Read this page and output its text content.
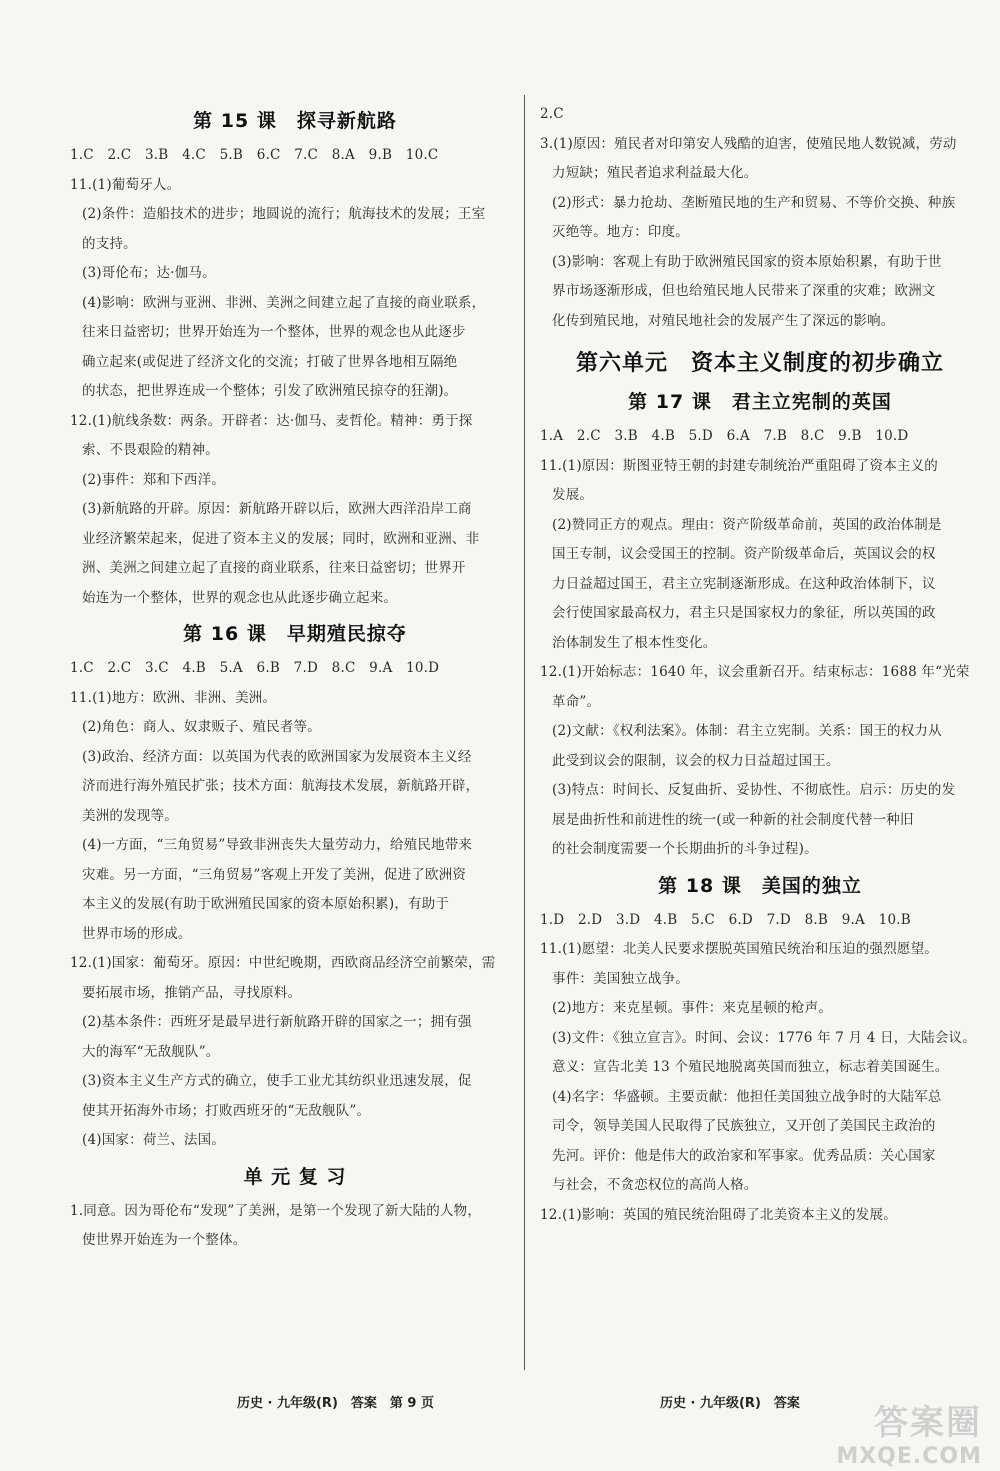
第 15 课　探寻新航路
1.C　2.C　3.B　4.C　5.B　6.C　7.C　8.A　9.B　10.C
11.(1)葡萄牙人。
(2)条件：造船技术的进步；地圆说的流行；航海技术的发展；王室
的支持。
(3)哥伦布；达·伽马。
(4)影响：欧洲与亚洲、非洲、美洲之间建立起了直接的商业联系，
往来日益密切；世界开始连为一个整体，世界的观念也从此逐步
确立起来(或促进了经济文化的交流；打破了世界各地相互隔绝
的状态，把世界连成一个整体；引发了欧洲殖民掠夺的狂潮)。
12.(1)航线条数：两条。开辟者：达·伽马、麦哲伦。精神：勇于探
索、不畏艰险的精神。
(2)事件：郑和下西洋。
(3)新航路的开辟。原因：新航路开辟以后，欧洲大西洋沿岸工商
业经济繁荣起来，促进了资本主义的发展；同时，欧洲和亚洲、非
洲、美洲之间建立起了直接的商业联系，往来日益密切；世界开
始连为一个整体，世界的观念也从此逐步确立起来。
第 16 课　早期殖民掠夺
1.C　2.C　3.C　4.B　5.A　6.B　7.D　8.C　9.A　10.D
11.(1)地方：欧洲、非洲、美洲。
(2)角色：商人、奴隶贩子、殖民者等。
(3)政治、经济方面：以英国为代表的欧洲国家为发展资本主义经
济而进行海外殖民扩张；技术方面：航海技术发展，新航路开辟，
美洲的发现等。
(4)一方面，“三角贸易”导致非洲丧失大量劳动力，给殖民地带来
灾难。另一方面，“三角贸易”客观上开发了美洲，促进了欧洲资
本主义的发展(有助于欧洲殖民国家的资本原始积累)，有助于
世界市场的形成。
12.(1)国家：葡萄牙。原因：中世纪晚期，西欧商品经济空前繁荣，需
要拓展市场，推销产品，寻找原料。
(2)基本条件：西班牙是最早进行新航路开辟的国家之一；拥有强
大的海军“无敌舰队”。
(3)资本主义生产方式的确立，使手工业尤其纺织业迅速发展，促
使其开拓海外市场；打败西班牙的“无敌舰队”。
(4)国家：荷兰、法国。
单 元 复 习
1.同意。因为哥伦布“发现”了美洲，是第一个发现了新大陆的人物，
使世界开始连为一个整体。
2.C
3.(1)原因：殖民者对印第安人残酷的迫害，使殖民地人数锐减，劳动
力短缺；殖民者追求利益最大化。
(2)形式：暴力抢劫、垄断殖民地的生产和贸易、不等价交换、种族
灭绝等。地方：印度。
(3)影响：客观上有助于欧洲殖民国家的资本原始积累，有助于世
界市场逐渐形成，但也给殖民地人民带来了深重的灾难；欧洲文
化传到殖民地，对殖民地社会的发展产生了深远的影响。
第六单元　资本主义制度的初步确立
第 17 课　君主立宪制的英国
1.A　2.C　3.B　4.B　5.D　6.A　7.B　8.C　9.B　10.D
11.(1)原因：斯图亚特王朝的封建专制统治严重阻碍了资本主义的
发展。
(2)赞同正方的观点。理由：资产阶级革命前，英国的政治体制是
国王专制，议会受国王的控制。资产阶级革命后，英国议会的权
力日益超过国王，君主立宪制逐渐形成。在这种政治体制下，议
会行使国家最高权力，君主只是国家权力的象征，所以英国的政
治体制发生了根本性变化。
12.(1)开始标志：1640 年，议会重新召开。结束标志：1688 年“光荣
革命”。
(2)文献：《权利法案》。体制：君主立宪制。关系：国王的权力从
此受到议会的限制，议会的权力日益超过国王。
(3)特点：时间长、反复曲折、妥协性、不彻底性。启示：历史的发
展是曲折性和前进性的统一(或一种新的社会制度代替一种旧
的社会制度需要一个长期曲折的斗争过程)。
第 18 课　美国的独立
1.D　2.D　3.D　4.B　5.C　6.D　7.D　8.B　9.A　10.B
11.(1)愿望：北美人民要求摆脱英国殖民统治和压迫的强烈愿望。
事件：美国独立战争。
(2)地方：来克星顿。事件：来克星顿的枪声。
(3)文件：《独立宣言》。时间、会议：1776 年 7 月 4 日，大陆会议。
意义：宣告北美 13 个殖民地脱离英国而独立，标志着美国诞生。
(4)名字：华盛顿。主要贡献：他担任美国独立战争时的大陆军总
司令，领导美国人民取得了民族独立，又开创了美国民主政治的
先河。评价：他是伟大的政治家和军事家。优秀品质：关心国家
与社会，不贪恋权位的高尚人格。
12.(1)影响：英国的殖民统治阻碍了北美资本主义的发展。
历史 · 九年级(R)　答案　第 9 页	历史 · 九年级(R)　答案	答案圈
MXQE.COM
